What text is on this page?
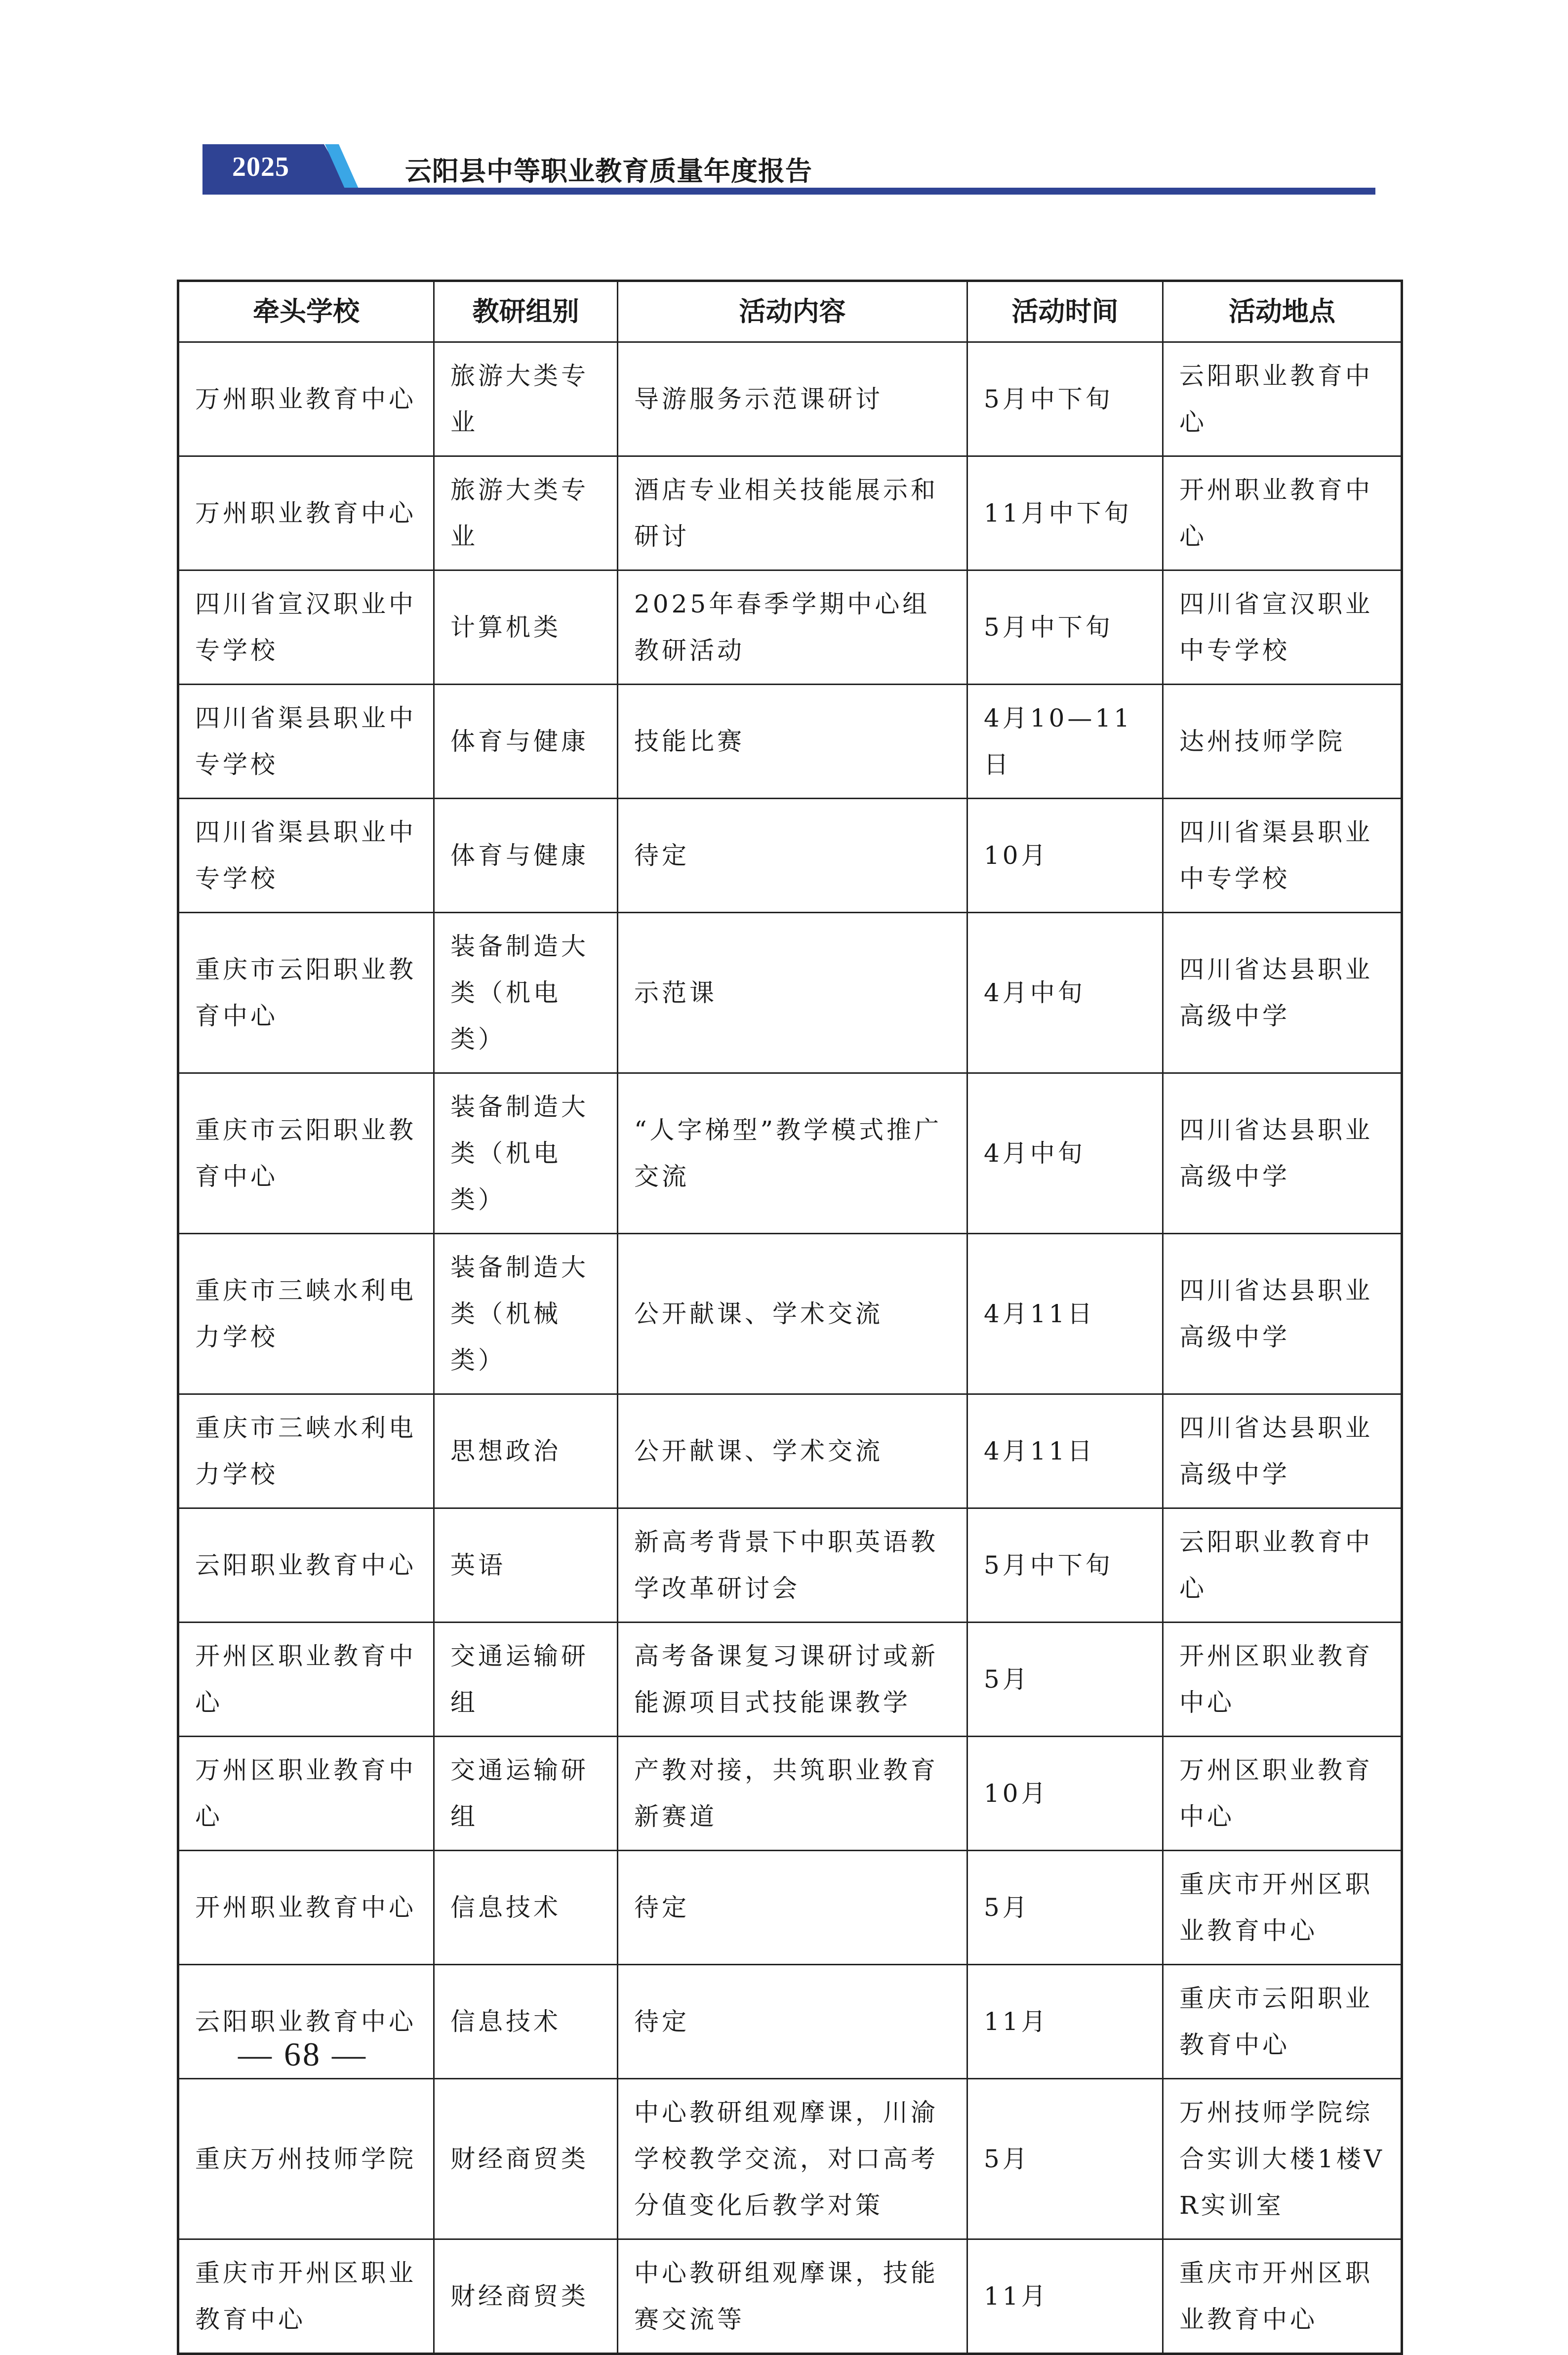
2025	云阳县中等职业教育质量年度报告
牵头学校	教研组别	活动内容	活动时间	活动地点
万州职业教育中心	旅游大类专业	导游服务示范课研讨	5月中下旬	云阳职业教育中心
万州职业教育中心	旅游大类专业	酒店专业相关技能展示和研讨	11月中下旬	开州职业教育中心
四川省宣汉职业中专学校	计算机类	2025年春季学期中心组教研活动	5月中下旬	四川省宣汉职业中专学校
四川省渠县职业中专学校	体育与健康	技能比赛	4月10—11日	达州技师学院
四川省渠县职业中专学校	体育与健康	待定	10月	四川省渠县职业中专学校
重庆市云阳职业教育中心	装备制造大类（机电类）	示范课	4月中旬	四川省达县职业高级中学
重庆市云阳职业教育中心	装备制造大类（机电类）	“人字梯型”教学模式推广交流	4月中旬	四川省达县职业高级中学
重庆市三峡水利电力学校	装备制造大类（机械类）	公开献课、学术交流	4月11日	四川省达县职业高级中学
重庆市三峡水利电力学校	思想政治	公开献课、学术交流	4月11日	四川省达县职业高级中学
云阳职业教育中心	英语	新高考背景下中职英语教学改革研讨会	5月中下旬	云阳职业教育中心
开州区职业教育中心	交通运输研组	高考备课复习课研讨或新能源项目式技能课教学	5月	开州区职业教育中心
万州区职业教育中心	交通运输研组	产教对接，共筑职业教育新赛道	10月	万州区职业教育中心
开州职业教育中心	信息技术	待定	5月	重庆市开州区职业教育中心
云阳职业教育中心	信息技术	待定	11月	重庆市云阳职业教育中心
重庆万州技师学院	财经商贸类	中心教研组观摩课，川渝学校教学交流，对口高考分值变化后教学对策	5月	万州技师学院综合实训大楼1楼VR实训室
重庆市开州区职业教育中心	财经商贸类	中心教研组观摩课，技能赛交流等	11月	重庆市开州区职业教育中心
— 68 —
